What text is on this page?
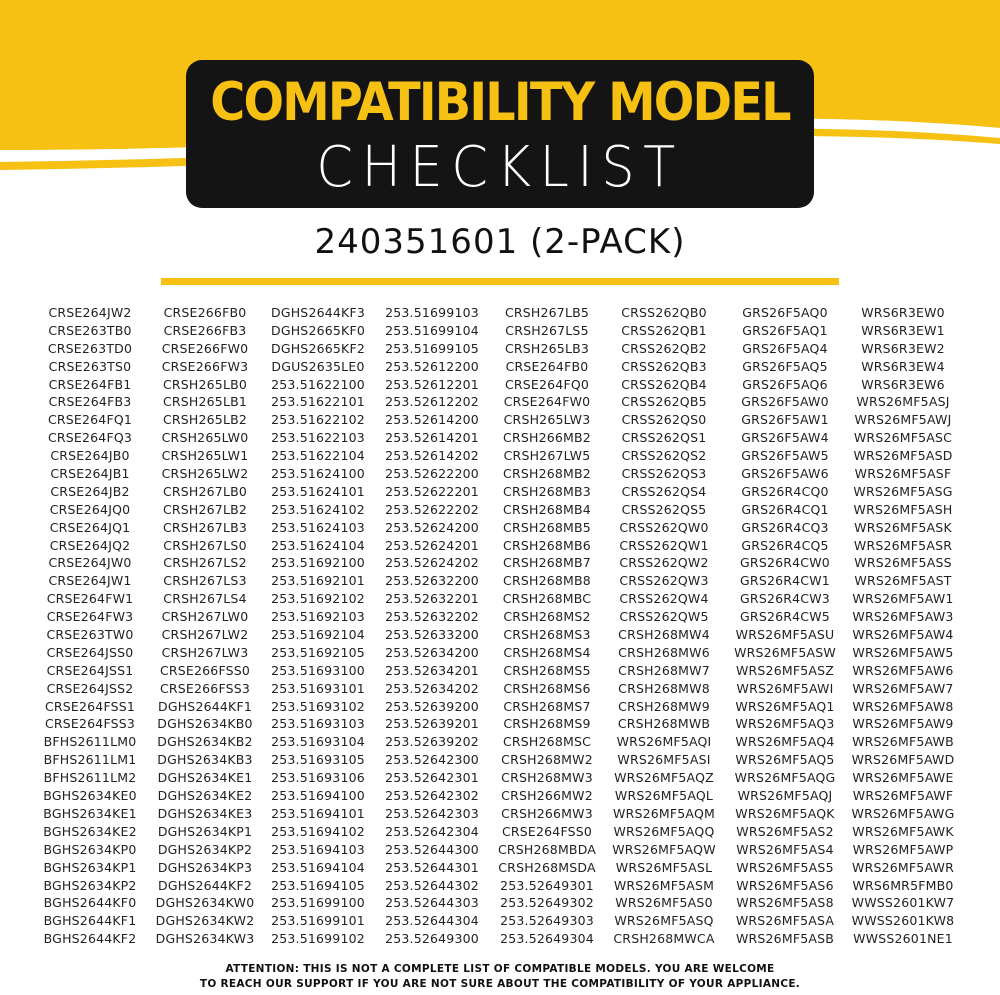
COMPATIBILITY MODEL
CHECKLIST
240351601 (2-PACK)
CRSE264JW2
CRSE263TB0
CRSE263TD0
CRSE263TS0
CRSE264FB1
CRSE264FB3
CRSE264FQ1
CRSE264FQ3
CRSE264JB0
CRSE264JB1
CRSE264JB2
CRSE264JQ0
CRSE264JQ1
CRSE264JQ2
CRSE264JW0
CRSE264JW1
CRSE264FW1
CRSE264FW3
CRSE263TW0
CRSE264JSS0
CRSE264JSS1
CRSE264JSS2
CRSE264FSS1
CRSE264FSS3
BFHS2611LM0
BFHS2611LM1
BFHS2611LM2
BGHS2634KE0
BGHS2634KE1
BGHS2634KE2
BGHS2634KP0
BGHS2634KP1
BGHS2634KP2
BGHS2644KF0
BGHS2644KF1
BGHS2644KF2
CRSE266FB0
CRSE266FB3
CRSE266FW0
CRSE266FW3
CRSH265LB0
CRSH265LB1
CRSH265LB2
CRSH265LW0
CRSH265LW1
CRSH265LW2
CRSH267LB0
CRSH267LB2
CRSH267LB3
CRSH267LS0
CRSH267LS2
CRSH267LS3
CRSH267LS4
CRSH267LW0
CRSH267LW2
CRSH267LW3
CRSE266FSS0
CRSE266FSS3
DGHS2644KF1
DGHS2634KB0
DGHS2634KB2
DGHS2634KB3
DGHS2634KE1
DGHS2634KE2
DGHS2634KE3
DGHS2634KP1
DGHS2634KP2
DGHS2634KP3
DGHS2644KF2
DGHS2634KW0
DGHS2634KW2
DGHS2634KW3
DGHS2644KF3
DGHS2665KF0
DGHS2665KF2
DGUS2635LE0
253.51622100
253.51622101
253.51622102
253.51622103
253.51622104
253.51624100
253.51624101
253.51624102
253.51624103
253.51624104
253.51692100
253.51692101
253.51692102
253.51692103
253.51692104
253.51692105
253.51693100
253.51693101
253.51693102
253.51693103
253.51693104
253.51693105
253.51693106
253.51694100
253.51694101
253.51694102
253.51694103
253.51694104
253.51694105
253.51699100
253.51699101
253.51699102
253.51699103
253.51699104
253.51699105
253.52612200
253.52612201
253.52612202
253.52614200
253.52614201
253.52614202
253.52622200
253.52622201
253.52622202
253.52624200
253.52624201
253.52624202
253.52632200
253.52632201
253.52632202
253.52633200
253.52634200
253.52634201
253.52634202
253.52639200
253.52639201
253.52639202
253.52642300
253.52642301
253.52642302
253.52642303
253.52642304
253.52644300
253.52644301
253.52644302
253.52644303
253.52644304
253.52649300
CRSH267LB5
CRSH267LS5
CRSH265LB3
CRSE264FB0
CRSE264FQ0
CRSE264FW0
CRSH265LW3
CRSH266MB2
CRSH267LW5
CRSH268MB2
CRSH268MB3
CRSH268MB4
CRSH268MB5
CRSH268MB6
CRSH268MB7
CRSH268MB8
CRSH268MBC
CRSH268MS2
CRSH268MS3
CRSH268MS4
CRSH268MS5
CRSH268MS6
CRSH268MS7
CRSH268MS9
CRSH268MSC
CRSH268MW2
CRSH268MW3
CRSH266MW2
CRSH266MW3
CRSE264FSS0
CRSH268MBDA
CRSH268MSDA
253.52649301
253.52649302
253.52649303
253.52649304
CRSS262QB0
CRSS262QB1
CRSS262QB2
CRSS262QB3
CRSS262QB4
CRSS262QB5
CRSS262QS0
CRSS262QS1
CRSS262QS2
CRSS262QS3
CRSS262QS4
CRSS262QS5
CRSS262QW0
CRSS262QW1
CRSS262QW2
CRSS262QW3
CRSS262QW4
CRSS262QW5
CRSH268MW4
CRSH268MW6
CRSH268MW7
CRSH268MW8
CRSH268MW9
CRSH268MWB
WRS26MF5AQI
WRS26MF5ASI
WRS26MF5AQZ
WRS26MF5AQL
WRS26MF5AQM
WRS26MF5AQQ
WRS26MF5AQW
WRS26MF5ASL
WRS26MF5ASM
WRS26MF5AS0
WRS26MF5ASQ
CRSH268MWCA
GRS26F5AQ0
GRS26F5AQ1
GRS26F5AQ4
GRS26F5AQ5
GRS26F5AQ6
GRS26F5AW0
GRS26F5AW1
GRS26F5AW4
GRS26F5AW5
GRS26F5AW6
GRS26R4CQ0
GRS26R4CQ1
GRS26R4CQ3
GRS26R4CQ5
GRS26R4CW0
GRS26R4CW1
GRS26R4CW3
GRS26R4CW5
WRS26MF5ASU
WRS26MF5ASW
WRS26MF5ASZ
WRS26MF5AWI
WRS26MF5AQ1
WRS26MF5AQ3
WRS26MF5AQ4
WRS26MF5AQ5
WRS26MF5AQG
WRS26MF5AQJ
WRS26MF5AQK
WRS26MF5AS2
WRS26MF5AS4
WRS26MF5AS5
WRS26MF5AS6
WRS26MF5AS8
WRS26MF5ASA
WRS26MF5ASB
WRS6R3EW0
WRS6R3EW1
WRS6R3EW2
WRS6R3EW4
WRS6R3EW6
WRS26MF5ASJ
WRS26MF5AWJ
WRS26MF5ASC
WRS26MF5ASD
WRS26MF5ASF
WRS26MF5ASG
WRS26MF5ASH
WRS26MF5ASK
WRS26MF5ASR
WRS26MF5ASS
WRS26MF5AST
WRS26MF5AW1
WRS26MF5AW3
WRS26MF5AW4
WRS26MF5AW5
WRS26MF5AW6
WRS26MF5AW7
WRS26MF5AW8
WRS26MF5AW9
WRS26MF5AWB
WRS26MF5AWD
WRS26MF5AWE
WRS26MF5AWF
WRS26MF5AWG
WRS26MF5AWK
WRS26MF5AWP
WRS26MF5AWR
WRS6MR5FMB0
WWSS2601KW7
WWSS2601KW8
WWSS2601NE1
ATTENTION: THIS IS NOT A COMPLETE LIST OF COMPATIBLE MODELS. YOU ARE WELCOME
TO REACH OUR SUPPORT IF YOU ARE NOT SURE ABOUT THE COMPATIBILITY OF YOUR APPLIANCE.
